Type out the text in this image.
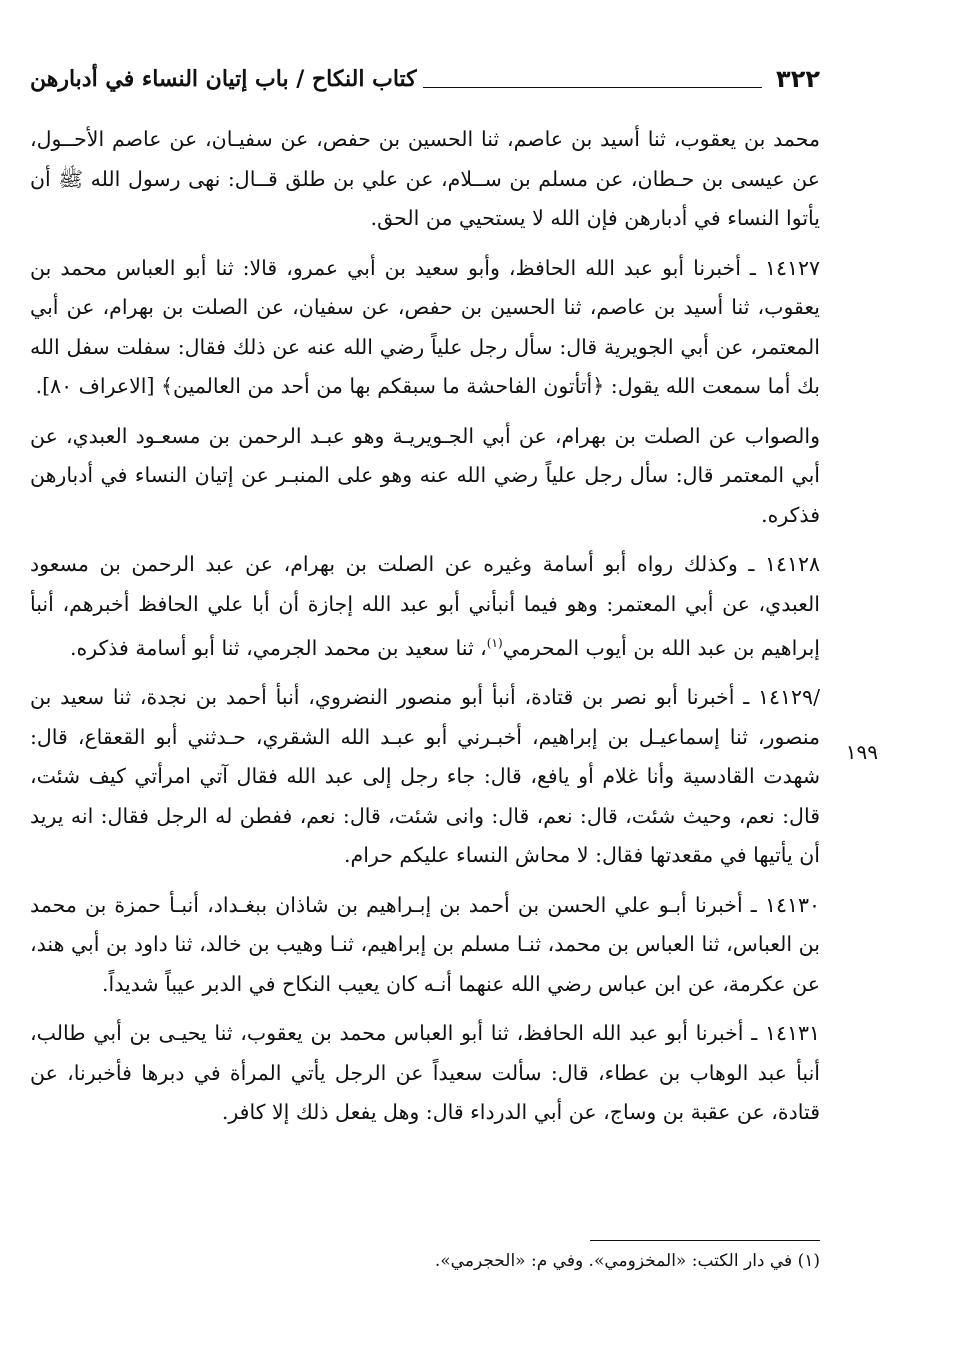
٣٢٢
كتاب النكاح / باب إتيان النساء في أدبارهن
١٩٩

محمد بن يعقوب، ثنا أسيد بن عاصم، ثنا الحسين بن حفص، عن سفيـان، عن عاصم الأحــول، عن عيسى بن حـطان، عن مسلم بن ســلام، عن علي بن طلق قــال: نهى رسول الله ﷺ أن يأتوا النساء في أدبارهن فإن الله لا يستحيي من الحق.

١٤١٢٧ ـ أخبرنا أبو عبد الله الحافظ، وأبو سعيد بن أبي عمرو، قالا: ثنا أبو العباس محمد بن يعقوب، ثنا أسيد بن عاصم، ثنا الحسين بن حفص، عن سفيان، عن الصلت بن بهرام، عن أبي المعتمر، عن أبي الجويرية قال: سأل رجل علياً رضي الله عنه عن ذلك فقال: سفلت سفل الله بك أما سمعت الله يقول: ﴿أتأتون الفاحشة ما سبقكم بها من أحد من العالمين﴾ [الاعراف ٨٠].

والصواب عن الصلت بن بهرام، عن أبي الجـويريـة وهو عبـد الرحمن بن مسعـود العبدي، عن أبي المعتمر قال: سأل رجل علياً رضي الله عنه وهو على المنبـر عن إتيان النساء في أدبارهن فذكره.

١٤١٢٨ ـ وكذلك رواه أبو أسامة وغيره عن الصلت بن بهرام، عن عبد الرحمن بن مسعود العبدي، عن أبي المعتمر: وهو فيما أنبأني أبو عبد الله إجازة أن أبا علي الحافظ أخبرهم، أنبأ إبراهيم بن عبد الله بن أيوب المحرمي$^{(١)}$، ثنا سعيد بن محمد الجرمي، ثنا أبو أسامة فذكره.

/١٤١٢٩ ـ أخبرنا أبو نصر بن قتادة، أنبأ أبو منصور النضروي، أنبأ أحمد بن نجدة، ثنا سعيد بن منصور، ثنا إسماعيـل بن إبراهيم، أخبـرني أبو عبـد الله الشقري، حـدثني أبو القعقاع، قال: شهدت القادسية وأنا غلام أو يافع، قال: جاء رجل إلى عبد الله فقال آتي امرأتي كيف شئت، قال: نعم، وحيث شئت، قال: نعم، قال: وانى شئت، قال: نعم، ففطن له الرجل فقال: انه يريد أن يأتيها في مقعدتها فقال: لا محاش النساء عليكم حرام.

١٤١٣٠ ـ أخبرنا أبـو علي الحسن بن أحمد بن إبـراهيم بن شاذان ببغـداد، أنبـأ حمزة بن محمد بن العباس، ثنا العباس بن محمد، ثنـا مسلم بن إبراهيم، ثنـا وهيب بن خالد، ثنا داود بن أبي هند، عن عكرمة، عن ابن عباس رضي الله عنهما أنـه كان يعيب النكاح في الدبر عيباً شديداً.

١٤١٣١ ـ أخبرنا أبو عبد الله الحافظ، ثنا أبو العباس محمد بن يعقوب، ثنا يحيـى بن أبي طالب، أنبأ عبد الوهاب بن عطاء، قال: سألت سعيداً عن الرجل يأتي المرأة في دبرها فأخبرنا، عن قتادة، عن عقبة بن وساج، عن أبي الدرداء قال: وهل يفعل ذلك إلا كافر.

(١) في دار الكتب: «المخزومي». وفي م: «الحجرمي».
